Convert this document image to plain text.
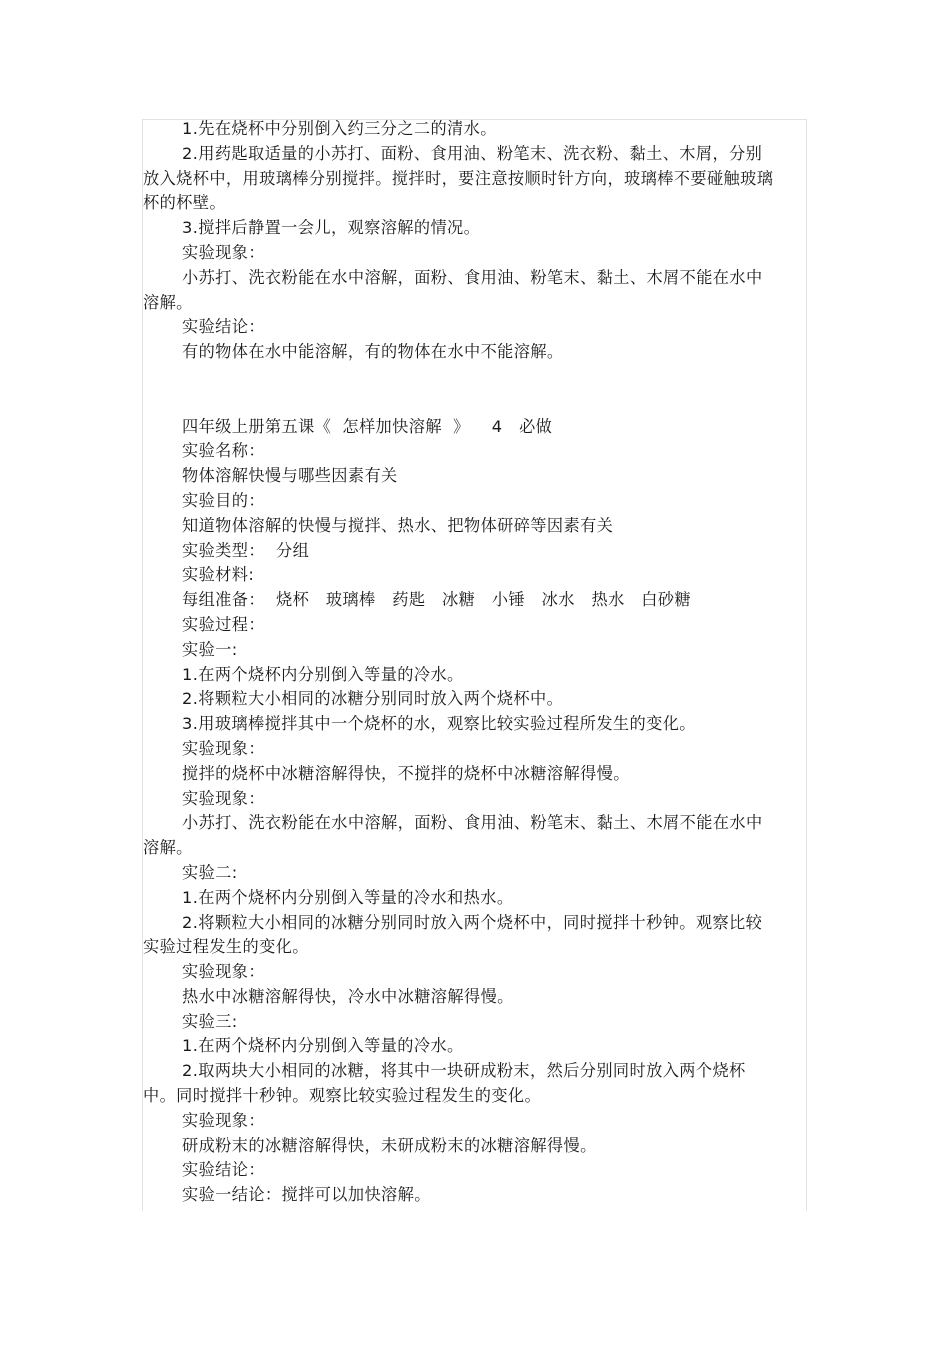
1.先在烧杯中分别倒入约三分之二的清水。

2.用药匙取适量的小苏打、面粉、食用油、粉笔末、洗衣粉、黏土、木屑，分别放入烧杯中，用玻璃棒分别搅拌。搅拌时，要注意按顺时针方向，玻璃棒不要碰触玻璃杯的杯壁。

3.搅拌后静置一会儿，观察溶解的情况。

实验现象：

小苏打、洗衣粉能在水中溶解，面粉、食用油、粉笔末、黏土、木屑不能在水中溶解。

实验结论：

有的物体在水中能溶解，有的物体在水中不能溶解。

四年级上册第五课《  怎样加快溶解  》    4   必做

实验名称：

物体溶解快慢与哪些因素有关

实验目的：

知道物体溶解的快慢与搅拌、热水、把物体研碎等因素有关

实验类型：  分组

实验材料:

每组准备：  烧杯   玻璃棒   药匙   冰糖   小锤   冰水   热水   白砂糖

实验过程：

实验一:

1.在两个烧杯内分别倒入等量的冷水。

2.将颗粒大小相同的冰糖分别同时放入两个烧杯中。

3.用玻璃棒搅拌其中一个烧杯的水，观察比较实验过程所发生的变化。

实验现象：

搅拌的烧杯中冰糖溶解得快，不搅拌的烧杯中冰糖溶解得慢。

实验现象：

小苏打、洗衣粉能在水中溶解，面粉、食用油、粉笔末、黏土、木屑不能在水中溶解。

实验二:

1.在两个烧杯内分别倒入等量的冷水和热水。

2.将颗粒大小相同的冰糖分别同时放入两个烧杯中，同时搅拌十秒钟。观察比较实验过程发生的变化。

实验现象：

热水中冰糖溶解得快，冷水中冰糖溶解得慢。

实验三:

1.在两个烧杯内分别倒入等量的冷水。

2.取两块大小相同的冰糖，将其中一块研成粉末，然后分别同时放入两个烧杯中。同时搅拌十秒钟。观察比较实验过程发生的变化。

实验现象：

研成粉末的冰糖溶解得快，未研成粉末的冰糖溶解得慢。

实验结论：

实验一结论：搅拌可以加快溶解。
